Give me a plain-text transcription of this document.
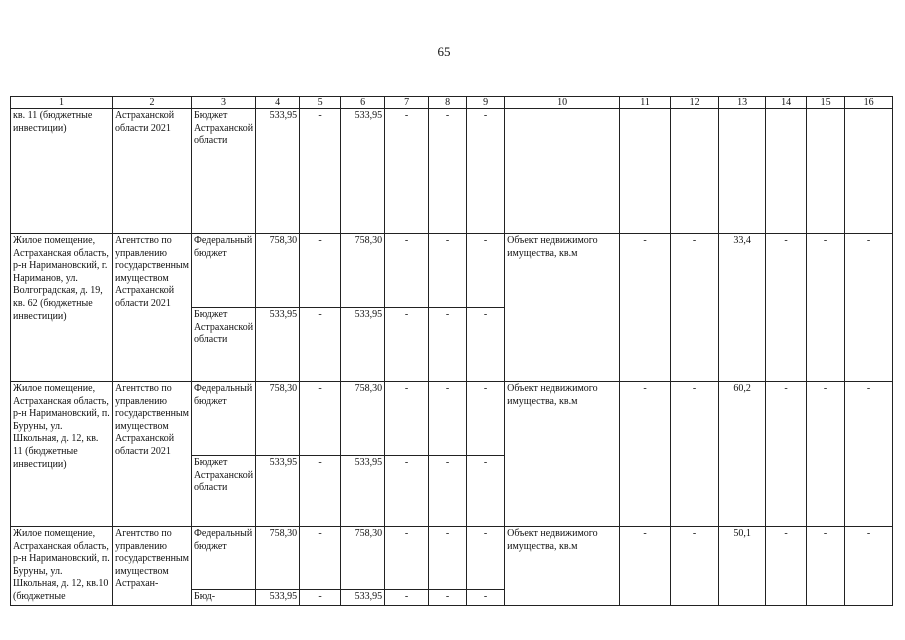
65
1	2	3	4	5	6	7	8	9	10	11	12	13	14	15	16
кв. 11 (бюджетные инвестиции)	Астраханской области 2021	Бюджет Астраханской области	533,95	-	533,95	-	-	-							
Жилое помещение, Астраханская область, р-н Наримановский, г. Нариманов, ул. Волгоградская, д. 19, кв. 62 (бюджетные инвестиции)	Агентство по управлению государственным имуществом Астраханской области 2021	Федеральный бюджет	758,30	-	758,30	-	-	-	Объект недвижимого имущества, кв.м	-	-	33,4	-	-	-
		Бюджет Астраханской области	533,95	-	533,95	-	-	-							
Жилое помещение, Астраханская область, р-н Наримановский, п. Буруны, ул. Школьная, д. 12, кв. 11 (бюджетные инвестиции)	Агентство по управлению государственным имуществом Астраханской области 2021	Федеральный бюджет	758,30	-	758,30	-	-	-	Объект недвижимого имущества, кв.м	-	-	60,2	-	-	-
		Бюджет Астраханской области	533,95	-	533,95	-	-	-							
Жилое помещение, Астраханская область, р-н Наримановский, п. Буруны, ул. Школьная, д. 12, кв.10 (бюджетные	Агентство по управлению государственным имуществом Астрахан-	Федеральный бюджет	758,30	-	758,30	-	-	-	Объект недвижимого имущества, кв.м	-	-	50,1	-	-	-
		Бюд-	533,95	-	533,95	-	-	-							
